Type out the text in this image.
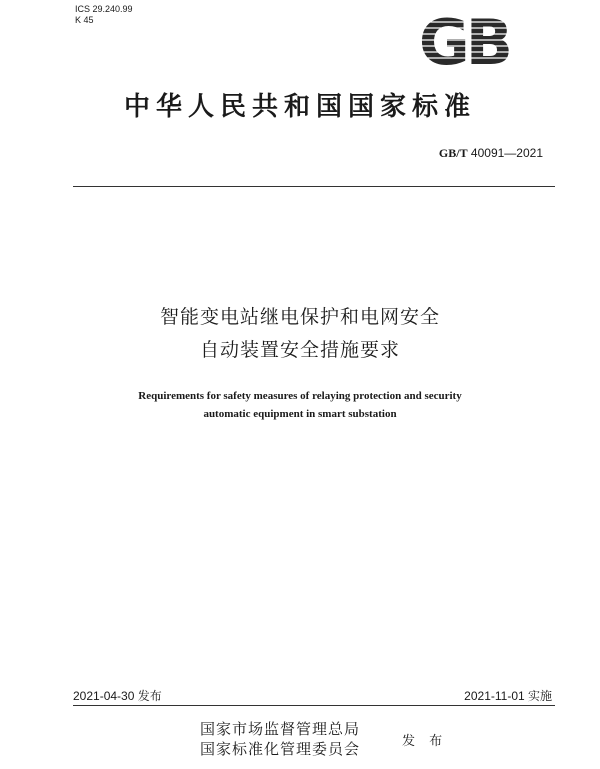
ICS 29.240.99
K 45	GB
中华人民共和国国家标准
GB/T 40091—2021
智能变电站继电保护和电网安全
自动装置安全措施要求
Requirements for safety measures of relaying protection and security
automatic equipment in smart substation
2021-04-30 发布	2021-11-01 实施
国家市场监督管理总局
国家标准化管理委员会	发 布
